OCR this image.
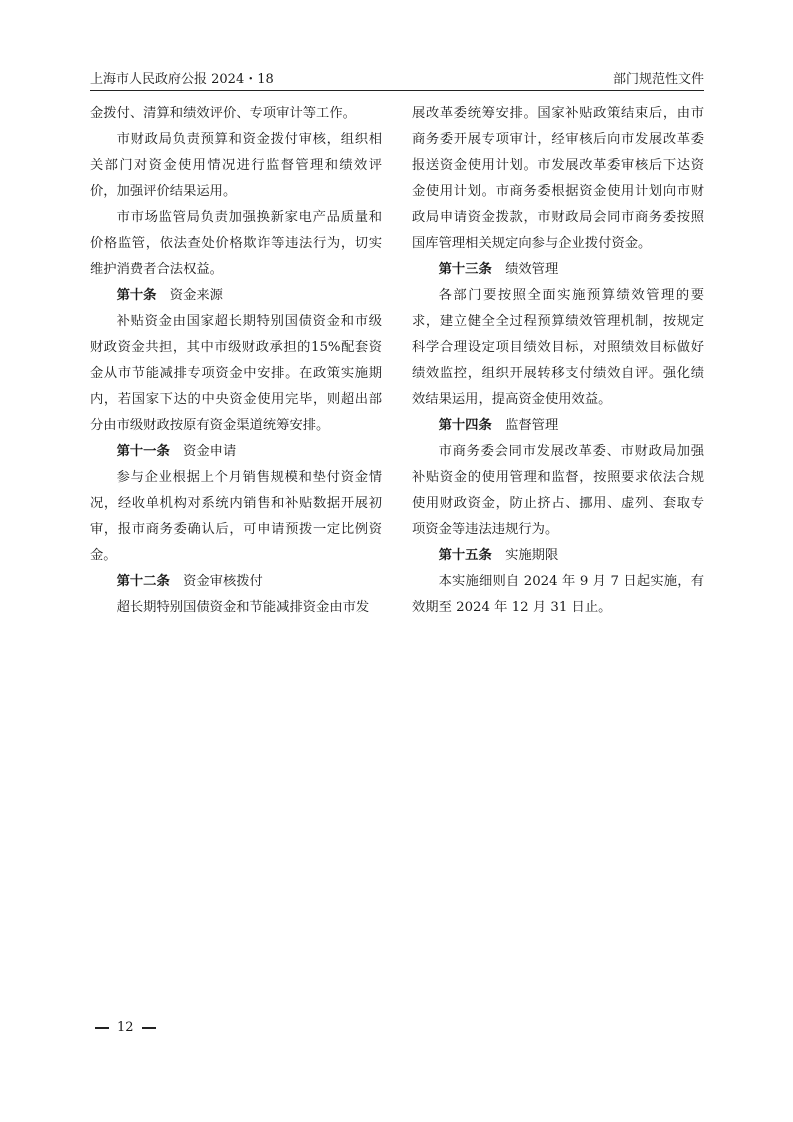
上海市人民政府公报 2024・18	部门规范性文件

金拨付、清算和绩效评价、专项审计等工作。

市财政局负责预算和资金拨付审核，组织相关部门对资金使用情况进行监督管理和绩效评价，加强评价结果运用。

市市场监管局负责加强换新家电产品质量和价格监管，依法查处价格欺诈等违法行为，切实维护消费者合法权益。

第十条 资金来源

补贴资金由国家超长期特别国债资金和市级财政资金共担，其中市级财政承担的15%配套资金从市节能减排专项资金中安排。在政策实施期内，若国家下达的中央资金使用完毕，则超出部分由市级财政按原有资金渠道统筹安排。

第十一条 资金申请

参与企业根据上个月销售规模和垫付资金情况，经收单机构对系统内销售和补贴数据开展初审，报市商务委确认后，可申请预拨一定比例资金。

第十二条 资金审核拨付

超长期特别国债资金和节能减排资金由市发

展改革委统筹安排。国家补贴政策结束后，由市商务委开展专项审计，经审核后向市发展改革委报送资金使用计划。市发展改革委审核后下达资金使用计划。市商务委根据资金使用计划向市财政局申请资金拨款，市财政局会同市商务委按照国库管理相关规定向参与企业拨付资金。

第十三条 绩效管理

各部门要按照全面实施预算绩效管理的要求，建立健全全过程预算绩效管理机制，按规定科学合理设定项目绩效目标，对照绩效目标做好绩效监控，组织开展转移支付绩效自评。强化绩效结果运用，提高资金使用效益。

第十四条 监督管理

市商务委会同市发展改革委、市财政局加强补贴资金的使用管理和监督，按照要求依法合规使用财政资金，防止挤占、挪用、虚列、套取专项资金等违法违规行为。

第十五条 实施期限

本实施细则自 2024 年 9 月 7 日起实施，有效期至 2024 年 12 月 31 日止。

12
